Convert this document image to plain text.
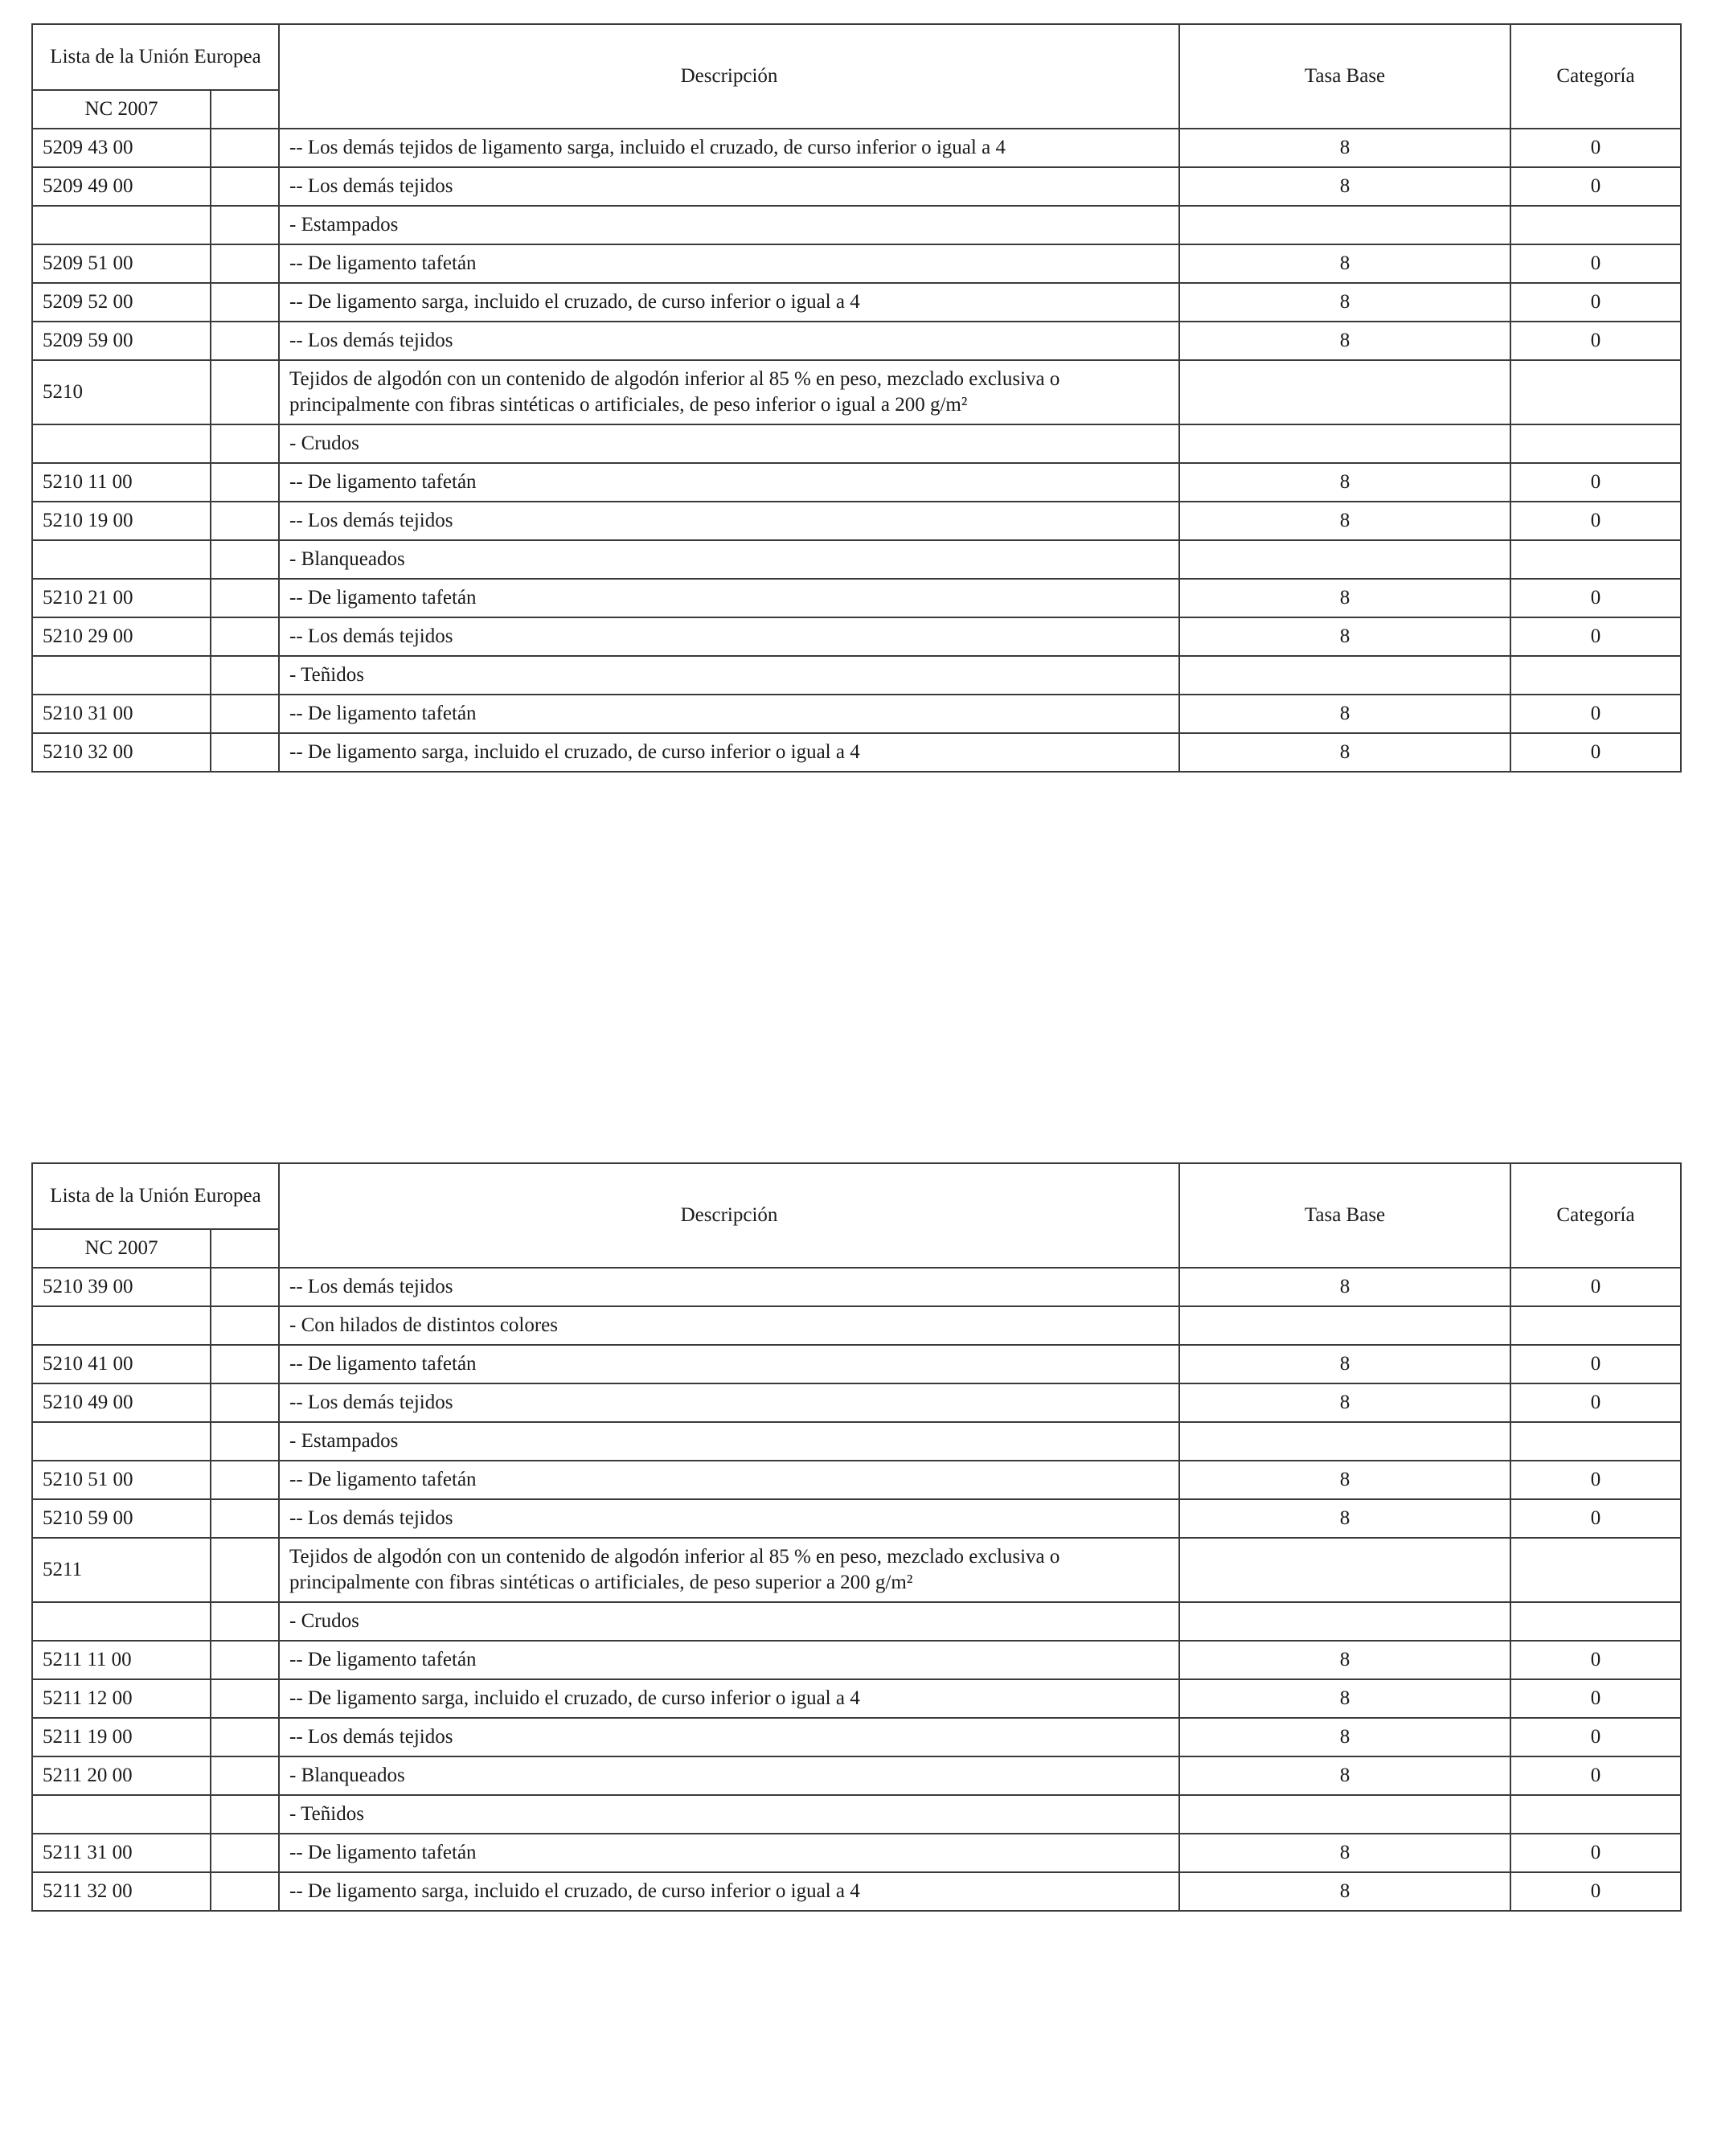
Lista de la Unión Europea		Descripción	Tasa Base	Categoría
NC 2007				
5209 43 00		-- Los demás tejidos de ligamento sarga, incluido el cruzado, de curso inferior o igual a 4	8	0
5209 49 00		-- Los demás tejidos	8	0
		- Estampados		
5209 51 00		-- De ligamento tafetán	8	0
5209 52 00		-- De ligamento sarga, incluido el cruzado, de curso inferior o igual a 4	8	0
5209 59 00		-- Los demás tejidos	8	0
5210		Tejidos de algodón con un contenido de algodón inferior al 85 % en peso, mezclado exclusiva o principalmente con fibras sintéticas o artificiales, de peso inferior o igual a 200 g/m²		
		- Crudos		
5210 11 00		-- De ligamento tafetán	8	0
5210 19 00		-- Los demás tejidos	8	0
		- Blanqueados		
5210 21 00		-- De ligamento tafetán	8	0
5210 29 00		-- Los demás tejidos	8	0
		- Teñidos		
5210 31 00		-- De ligamento tafetán	8	0
5210 32 00		-- De ligamento sarga, incluido el cruzado, de curso inferior o igual a 4	8	0
Lista de la Unión Europea		Descripción	Tasa Base	Categoría
NC 2007				
5210 39 00		-- Los demás tejidos	8	0
		- Con hilados de distintos colores		
5210 41 00		-- De ligamento tafetán	8	0
5210 49 00		-- Los demás tejidos	8	0
		- Estampados		
5210 51 00		-- De ligamento tafetán	8	0
5210 59 00		-- Los demás tejidos	8	0
5211		Tejidos de algodón con un contenido de algodón inferior al 85 % en peso, mezclado exclusiva o principalmente con fibras sintéticas o artificiales, de peso superior a 200 g/m²		
		- Crudos		
5211 11 00		-- De ligamento tafetán	8	0
5211 12 00		-- De ligamento sarga, incluido el cruzado, de curso inferior o igual a 4	8	0
5211 19 00		-- Los demás tejidos	8	0
5211 20 00		- Blanqueados	8	0
		- Teñidos		
5211 31 00		-- De ligamento tafetán	8	0
5211 32 00		-- De ligamento sarga, incluido el cruzado, de curso inferior o igual a 4	8	0
